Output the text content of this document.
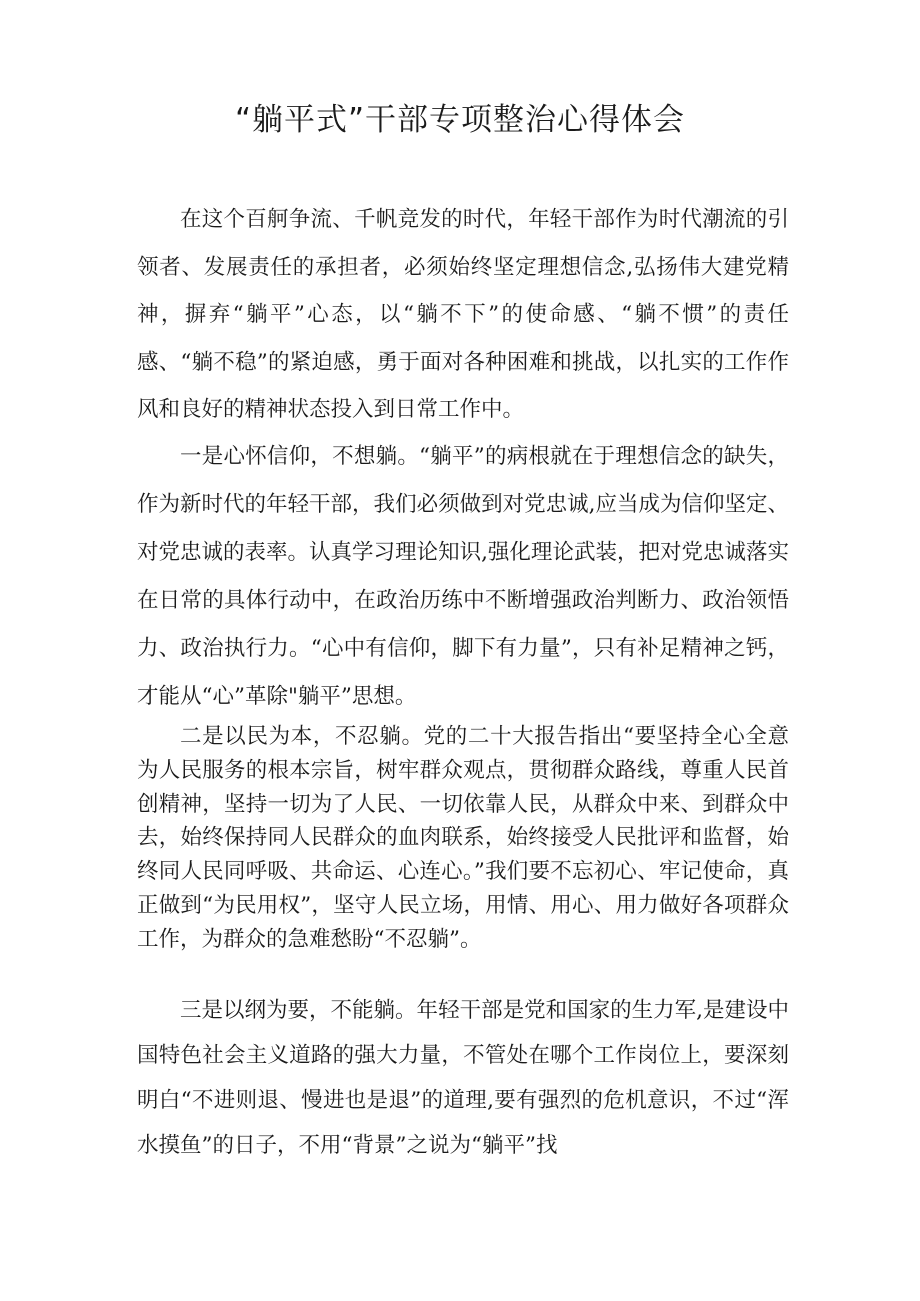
“躺平式”干部专项整治心得体会

在这个百舸争流、千帆竞发的时代，年轻干部作为时代潮流的引领者、发展责任的承担者，必须始终坚定理想信念,弘扬伟大建党精神，摒弃“躺平”心态，以“躺不下”的使命感、“躺不惯”的责任感、“躺不稳”的紧迫感，勇于面对各种困难和挑战，以扎实的工作作风和良好的精神状态投入到日常工作中。

一是心怀信仰，不想躺。“躺平”的病根就在于理想信念的缺失，作为新时代的年轻干部，我们必须做到对党忠诚,应当成为信仰坚定、对党忠诚的表率。认真学习理论知识,强化理论武装，把对党忠诚落实在日常的具体行动中，在政治历练中不断增强政治判断力、政治领悟力、政治执行力。“心中有信仰，脚下有力量”，只有补足精神之钙，才能从“心”革除"躺平”思想。

二是以民为本，不忍躺。党的二十大报告指出“要坚持全心全意为人民服务的根本宗旨，树牢群众观点，贯彻群众路线，尊重人民首创精神，坚持一切为了人民、一切依靠人民，从群众中来、到群众中去，始终保持同人民群众的血肉联系，始终接受人民批评和监督，始终同人民同呼吸、共命运、心连心。”我们要不忘初心、牢记使命，真正做到“为民用权”，坚守人民立场，用情、用心、用力做好各项群众工作，为群众的急难愁盼“不忍躺”。

三是以纲为要，不能躺。年轻干部是党和国家的生力军,是建设中国特色社会主义道路的强大力量，不管处在哪个工作岗位上，要深刻明白“不进则退、慢进也是退”的道理,要有强烈的危机意识，不过“浑水摸鱼”的日子，不用“背景”之说为“躺平”找
